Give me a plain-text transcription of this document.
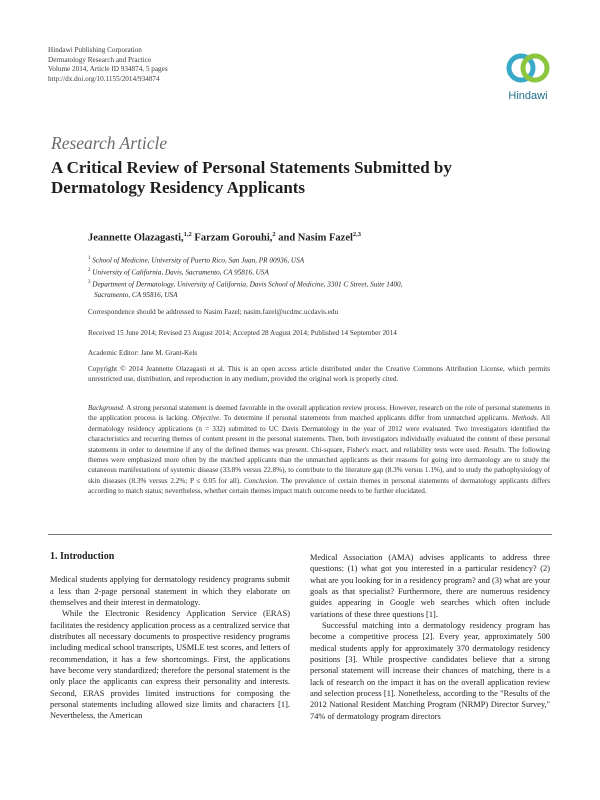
Hindawi Publishing Corporation
Dermatology Research and Practice
Volume 2014, Article ID 934874, 5 pages
http://dx.doi.org/10.1155/2014/934874
Hindawi
Research Article
A Critical Review of Personal Statements Submitted by Dermatology Residency Applicants
Jeannette Olazagasti,$^{1,2}$ Farzam Gorouhi,$^2$ and Nasim Fazel$^{2,3}$
$^1$ School of Medicine, University of Puerto Rico, San Juan, PR 00936, USA
$^2$ University of California, Davis, Sacramento, CA 95816, USA
$^3$ Department of Dermatology, University of California, Davis School of Medicine, 3301 C Street, Suite 1400,
Sacramento, CA 95816, USA
Correspondence should be addressed to Nasim Fazel; nasim.fazel@ucdmc.ucdavis.edu
Received 15 June 2014; Revised 23 August 2014; Accepted 28 August 2014; Published 14 September 2014
Academic Editor: Jane M. Grant-Kels
Copyright © 2014 Jeannette Olazagasti et al. This is an open access article distributed under the Creative Commons Attribution License, which permits unrestricted use, distribution, and reproduction in any medium, provided the original work is properly cited.
Background. A strong personal statement is deemed favorable in the overall application review process. However, research on the role of personal statements in the application process is lacking. Objective. To determine if personal statements from matched applicants differ from unmatched applicants. Methods. All dermatology residency applications (n = 332) submitted to UC Davis Dermatology in the year of 2012 were evaluated. Two investigators identified the characteristics and recurring themes of content present in the personal statements. Then, both investigators individually evaluated the content of these personal statements in order to determine if any of the defined themes was present. Chi-square, Fisher's exact, and reliability tests were used. Results. The following themes were emphasized more often by the matched applicants than the unmatched applicants as their reasons for going into dermatology are to study the cutaneous manifestations of systemic disease (33.8% versus 22.8%), to contribute to the literature gap (8.3% versus 1.1%), and to study the pathophysiology of skin diseases (8.3% versus 2.2%; P ≤ 0.05 for all). Conclusion. The prevalence of certain themes in personal statements of dermatology applicants differs according to match status; nevertheless, whether certain themes impact match outcome needs to be further elucidated.
1. Introduction

Medical students applying for dermatology residency programs submit a less than 2-page personal statement in which they elaborate on themselves and their interest in dermatology.

While the Electronic Residency Application Service (ERAS) facilitates the residency application process as a centralized service that distributes all necessary documents to prospective residency programs including medical school transcripts, USMLE test scores, and letters of recommendation, it has a few shortcomings. First, the applications have become very standardized; therefore the personal statement is the only place the applicants can express their personality and interests. Second, ERAS provides limited instructions for composing the personal statements including allowed size limits and characters [1]. Nevertheless, the American

Medical Association (AMA) advises applicants to address three questions: (1) what got you interested in a particular residency? (2) what are you looking for in a residency program? and (3) what are your goals as that specialist? Furthermore, there are numerous residency guides appearing in Google web searches which often include variations of these three questions [1].

Successful matching into a dermatology residency program has become a competitive process [2]. Every year, approximately 500 medical students apply for approximately 370 dermatology residency positions [3]. While prospective candidates believe that a strong personal statement will increase their chances of matching, there is a lack of research on the impact it has on the overall application review and selection process [1]. Nonetheless, according to the "Results of the 2012 National Resident Matching Program (NRMP) Director Survey," 74% of dermatology program directors
